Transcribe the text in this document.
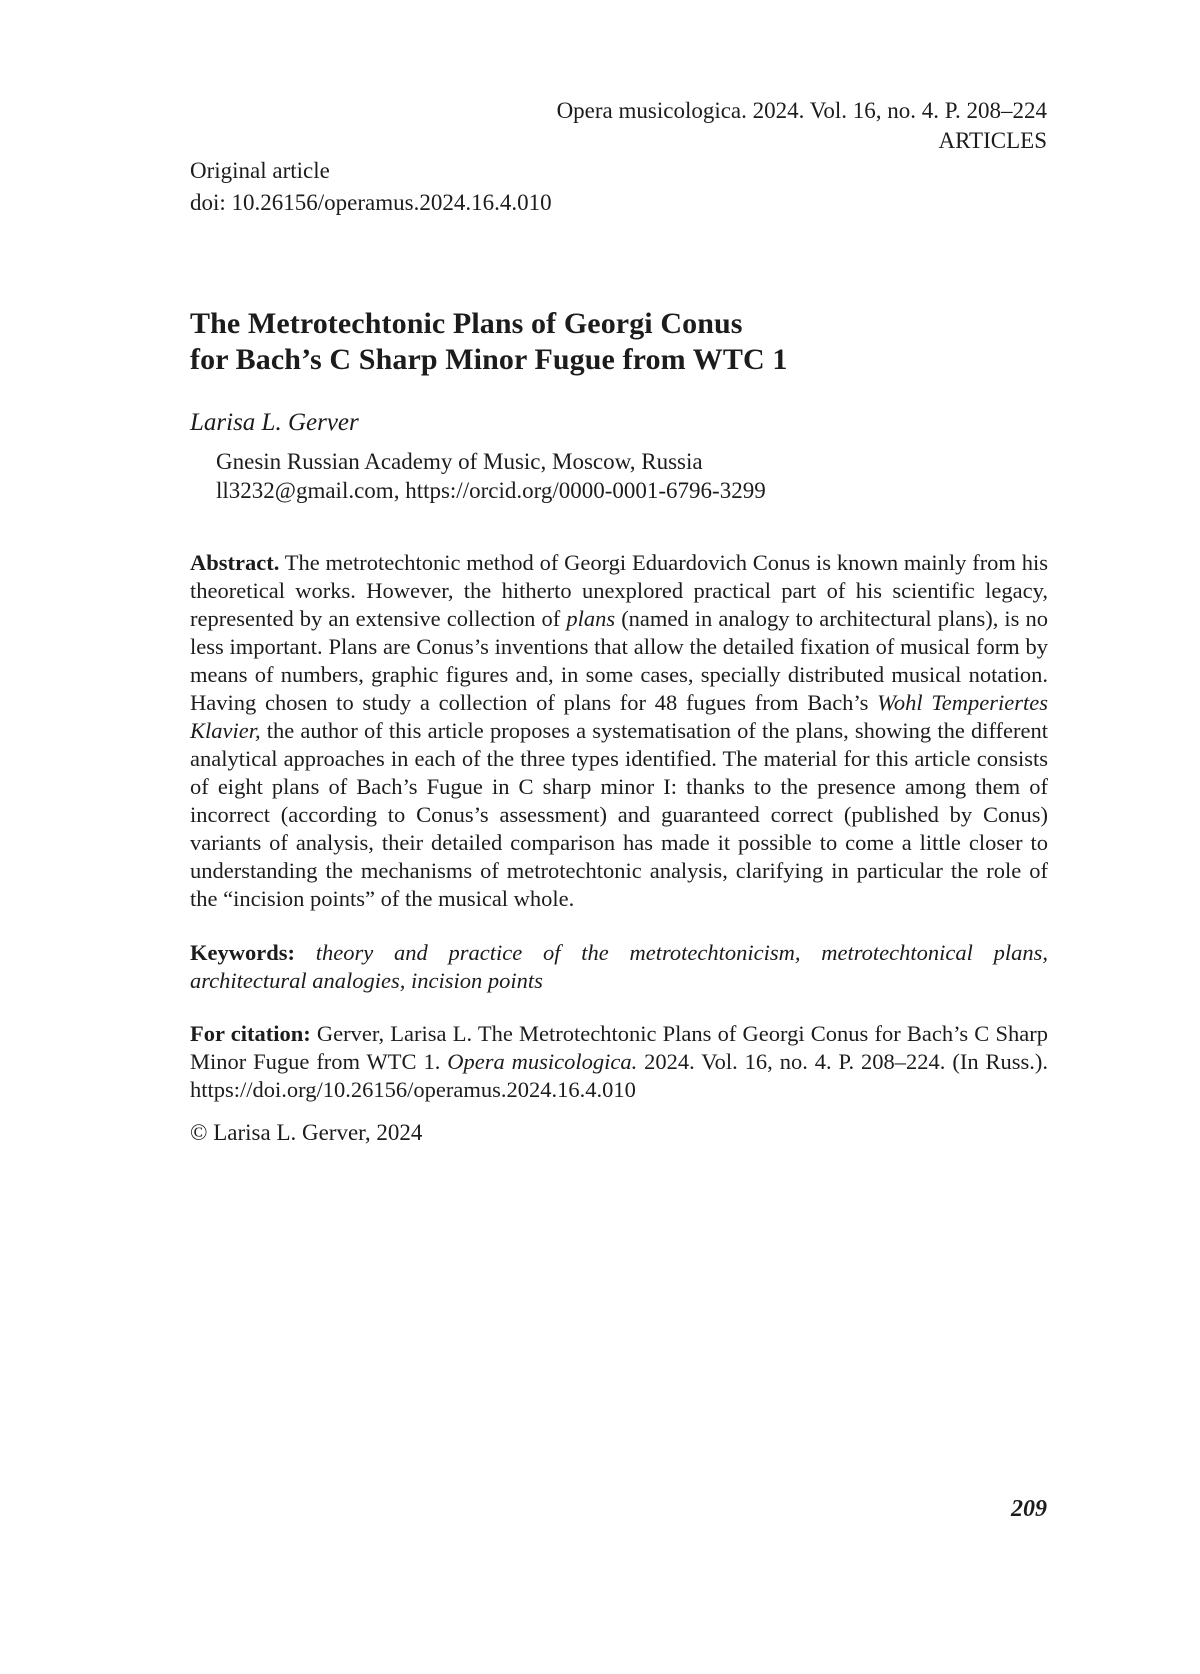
Opera musicologica. 2024. Vol. 16, no. 4. P. 208–224
ARTICLES
Original article
doi: 10.26156/operamus.2024.16.4.010
The Metrotechtonic Plans of Georgi Conus
for Bach’s C Sharp Minor Fugue from WTC 1
Larisa L. Gerver
Gnesin Russian Academy of Music, Moscow, Russia
ll3232@gmail.com, https://orcid.org/0000-0001-6796-3299

Abstract. The metrotechtonic method of Georgi Eduardovich Conus is known mainly from his theoretical works. However, the hitherto unexplored practical part of his scientific legacy, represented by an extensive collection of plans (named in analogy to architectural plans), is no less important. Plans are Conus’s inventions that allow the detailed fixation of musical form by means of numbers, graphic figures and, in some cases, specially distributed musical notation. Having chosen to study a collection of plans for 48 fugues from Bach’s Wohl Temperiertes Klavier, the author of this article proposes a systematisation of the plans, showing the different analytical approaches in each of the three types identified. The material for this article consists of eight plans of Bach’s Fugue in C sharp minor I: thanks to the presence among them of incorrect (according to Conus’s assessment) and guaranteed correct (published by Conus) variants of analysis, their detailed comparison has made it possible to come a little closer to understanding the mechanisms of metrotechtonic analysis, clarifying in particular the role of the “incision points” of the musical whole.

Keywords: theory and practice of the metrotechtonicism, metrotechtonical plans, architectural analogies, incision points

For citation: Gerver, Larisa L. The Metrotechtonic Plans of Georgi Conus for Bach’s C Sharp Minor Fugue from WTC 1. Opera musicologica. 2024. Vol. 16, no. 4. P. 208–224. (In Russ.). https://doi.org/10.26156/operamus.2024.16.4.010

© Larisa L. Gerver, 2024
209
